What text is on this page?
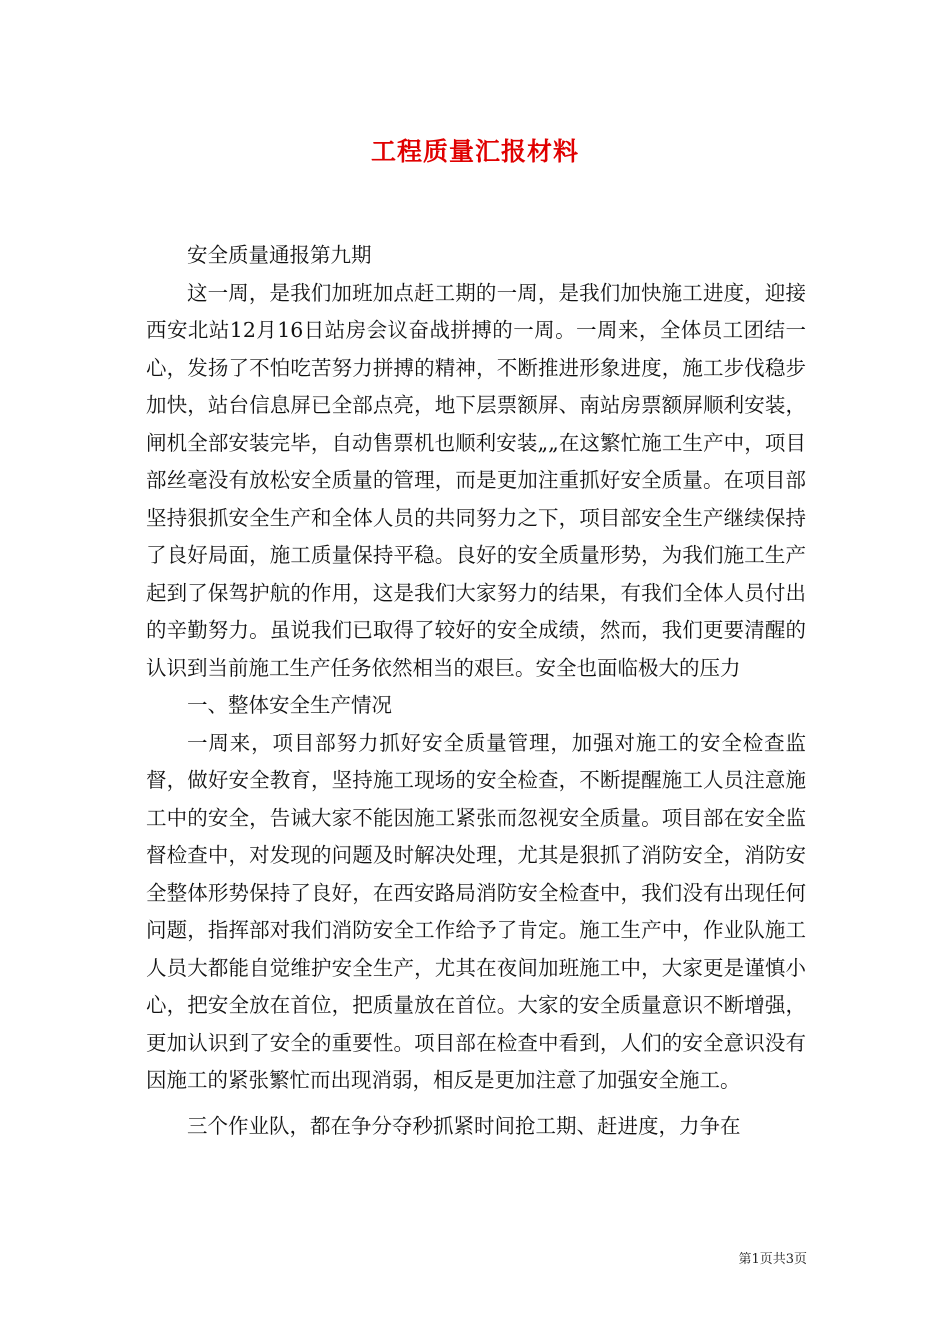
工程质量汇报材料

安全质量通报第九期

这一周，是我们加班加点赶工期的一周，是我们加快施工进度，迎接西安北站12月16日站房会议奋战拼搏的一周。一周来，全体员工团结一心，发扬了不怕吃苦努力拼搏的精神，不断推进形象进度，施工步伐稳步加快，站台信息屏已全部点亮，地下层票额屏、南站房票额屏顺利安装，闸机全部安装完毕，自动售票机也顺利安装„„在这繁忙施工生产中，项目部丝毫没有放松安全质量的管理，而是更加注重抓好安全质量。在项目部坚持狠抓安全生产和全体人员的共同努力之下，项目部安全生产继续保持了良好局面，施工质量保持平稳。良好的安全质量形势，为我们施工生产起到了保驾护航的作用，这是我们大家努力的结果，有我们全体人员付出的辛勤努力。虽说我们已取得了较好的安全成绩，然而，我们更要清醒的认识到当前施工生产任务依然相当的艰巨。安全也面临极大的压力

一、整体安全生产情况

一周来，项目部努力抓好安全质量管理，加强对施工的安全检查监督，做好安全教育，坚持施工现场的安全检查，不断提醒施工人员注意施工中的安全，告诫大家不能因施工紧张而忽视安全质量。项目部在安全监督检查中，对发现的问题及时解决处理，尤其是狠抓了消防安全，消防安全整体形势保持了良好，在西安路局消防安全检查中，我们没有出现任何问题，指挥部对我们消防安全工作给予了肯定。施工生产中，作业队施工人员大都能自觉维护安全生产，尤其在夜间加班施工中，大家更是谨慎小心，把安全放在首位，把质量放在首位。大家的安全质量意识不断增强，更加认识到了安全的重要性。项目部在检查中看到，人们的安全意识没有因施工的紧张繁忙而出现消弱，相反是更加注意了加强安全施工。

三个作业队，都在争分夺秒抓紧时间抢工期、赶进度，力争在

第1页共3页
